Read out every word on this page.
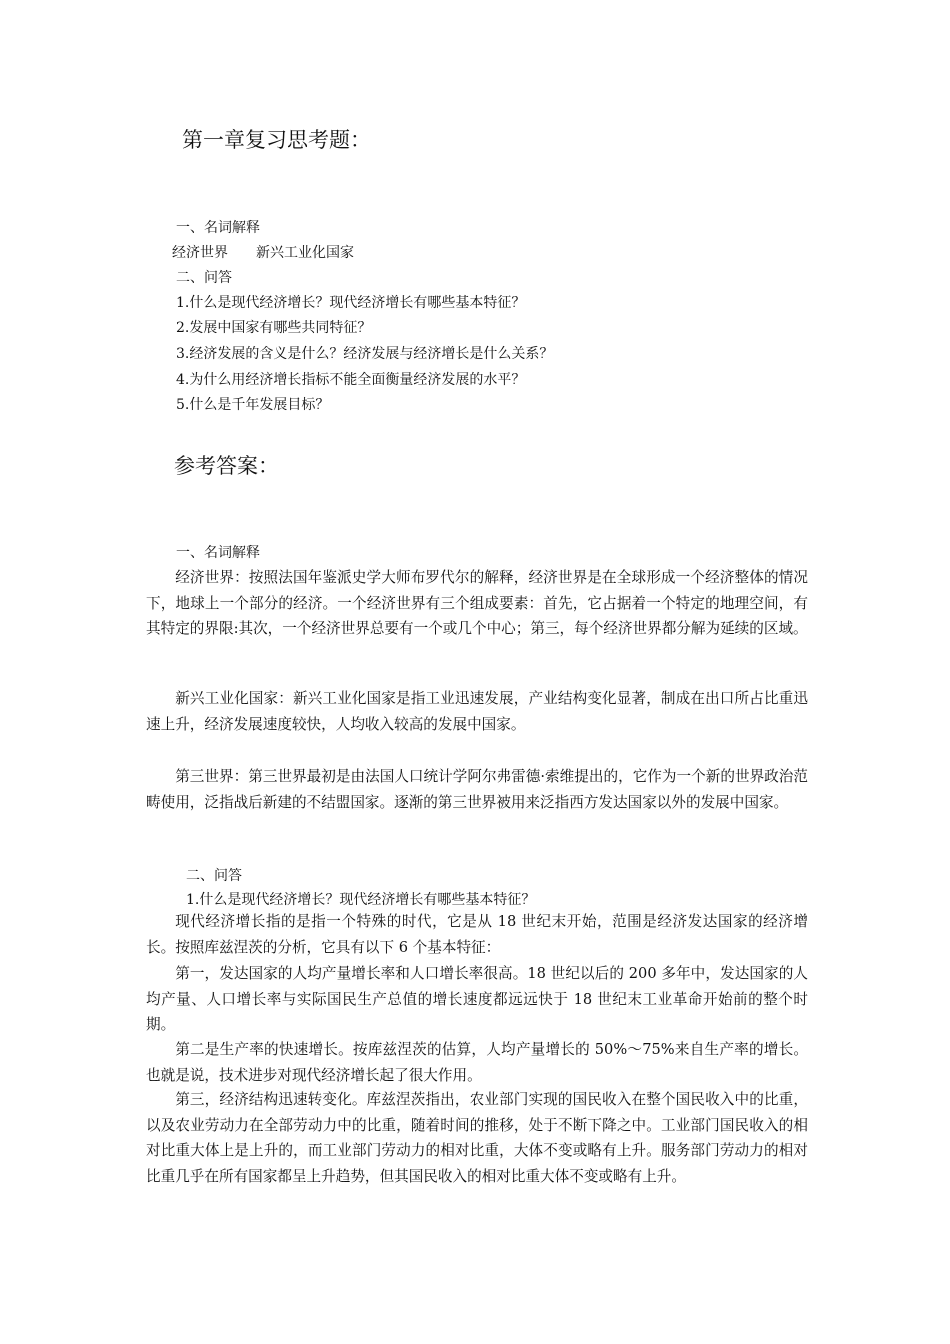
第一章复习思考题：
一、名词解释
经济世界　　新兴工业化国家
二、问答
1.什么是现代经济增长？现代经济增长有哪些基本特征？
2.发展中国家有哪些共同特征？
3.经济发展的含义是什么？经济发展与经济增长是什么关系？
4.为什么用经济增长指标不能全面衡量经济发展的水平？
5.什么是千年发展目标？
参考答案：
一、名词解释
经济世界：按照法国年鉴派史学大师布罗代尔的解释，经济世界是在全球形成一个经济整体的情况下，地球上一个部分的经济。一个经济世界有三个组成要素：首先，它占据着一个特定的地理空间，有其特定的界限:其次，一个经济世界总要有一个或几个中心；第三，每个经济世界都分解为延续的区域。
新兴工业化国家：新兴工业化国家是指工业迅速发展，产业结构变化显著，制成在出口所占比重迅速上升，经济发展速度较快，人均收入较高的发展中国家。
第三世界：第三世界最初是由法国人口统计学阿尔弗雷德·索维提出的，它作为一个新的世界政治范畴使用，泛指战后新建的不结盟国家。逐渐的第三世界被用来泛指西方发达国家以外的发展中国家。
二、问答
1.什么是现代经济增长？现代经济增长有哪些基本特征？
现代经济增长指的是指一个特殊的时代，它是从 18 世纪末开始，范围是经济发达国家的经济增长。按照库兹涅茨的分析，它具有以下 6 个基本特征：
第一，发达国家的人均产量增长率和人口增长率很高。18 世纪以后的 200 多年中，发达国家的人均产量、人口增长率与实际国民生产总值的增长速度都远远快于 18 世纪末工业革命开始前的整个时期。
第二是生产率的快速增长。按库兹涅茨的估算，人均产量增长的 50%～75%来自生产率的增长。也就是说，技术进步对现代经济增长起了很大作用。
第三，经济结构迅速转变化。库兹涅茨指出，农业部门实现的国民收入在整个国民收入中的比重，以及农业劳动力在全部劳动力中的比重，随着时间的推移，处于不断下降之中。工业部门国民收入的相对比重大体上是上升的，而工业部门劳动力的相对比重，大体不变或略有上升。服务部门劳动力的相对比重几乎在所有国家都呈上升趋势，但其国民收入的相对比重大体不变或略有上升。
